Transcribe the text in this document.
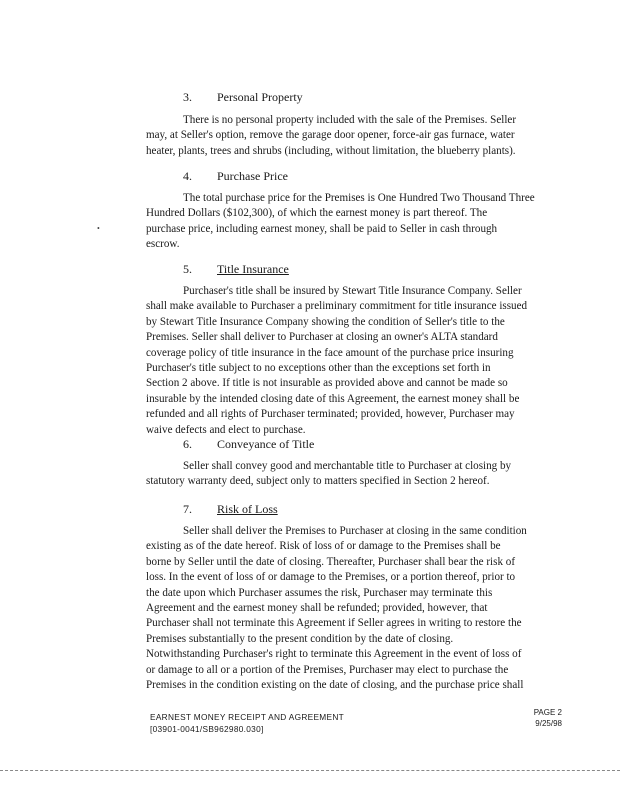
3. Personal Property
There is no personal property included with the sale of the Premises. Seller
may, at Seller's option, remove the garage door opener, force-air gas furnace, water
heater, plants, trees and shrubs (including, without limitation, the blueberry plants).
4. Purchase Price
The total purchase price for the Premises is One Hundred Two Thousand Three
Hundred Dollars ($102,300), of which the earnest money is part thereof. The
purchase price, including earnest money, shall be paid to Seller in cash through
escrow.
5. Title Insurance
Purchaser's title shall be insured by Stewart Title Insurance Company. Seller
shall make available to Purchaser a preliminary commitment for title insurance issued
by Stewart Title Insurance Company showing the condition of Seller's title to the
Premises. Seller shall deliver to Purchaser at closing an owner's ALTA standard
coverage policy of title insurance in the face amount of the purchase price insuring
Purchaser's title subject to no exceptions other than the exceptions set forth in
Section 2 above. If title is not insurable as provided above and cannot be made so
insurable by the intended closing date of this Agreement, the earnest money shall be
refunded and all rights of Purchaser terminated; provided, however, Purchaser may
waive defects and elect to purchase.
6. Conveyance of Title
Seller shall convey good and merchantable title to Purchaser at closing by
statutory warranty deed, subject only to matters specified in Section 2 hereof.
7. Risk of Loss
Seller shall deliver the Premises to Purchaser at closing in the same condition
existing as of the date hereof. Risk of loss of or damage to the Premises shall be
borne by Seller until the date of closing. Thereafter, Purchaser shall bear the risk of
loss. In the event of loss of or damage to the Premises, or a portion thereof, prior to
the date upon which Purchaser assumes the risk, Purchaser may terminate this
Agreement and the earnest money shall be refunded; provided, however, that
Purchaser shall not terminate this Agreement if Seller agrees in writing to restore the
Premises substantially to the present condition by the date of closing.
Notwithstanding Purchaser's right to terminate this Agreement in the event of loss of
or damage to all or a portion of the Premises, Purchaser may elect to purchase the
Premises in the condition existing on the date of closing, and the purchase price shall
EARNEST MONEY RECEIPT AND AGREEMENT
[03901-0041/SB962980.030]
PAGE 2
9/25/98
•
